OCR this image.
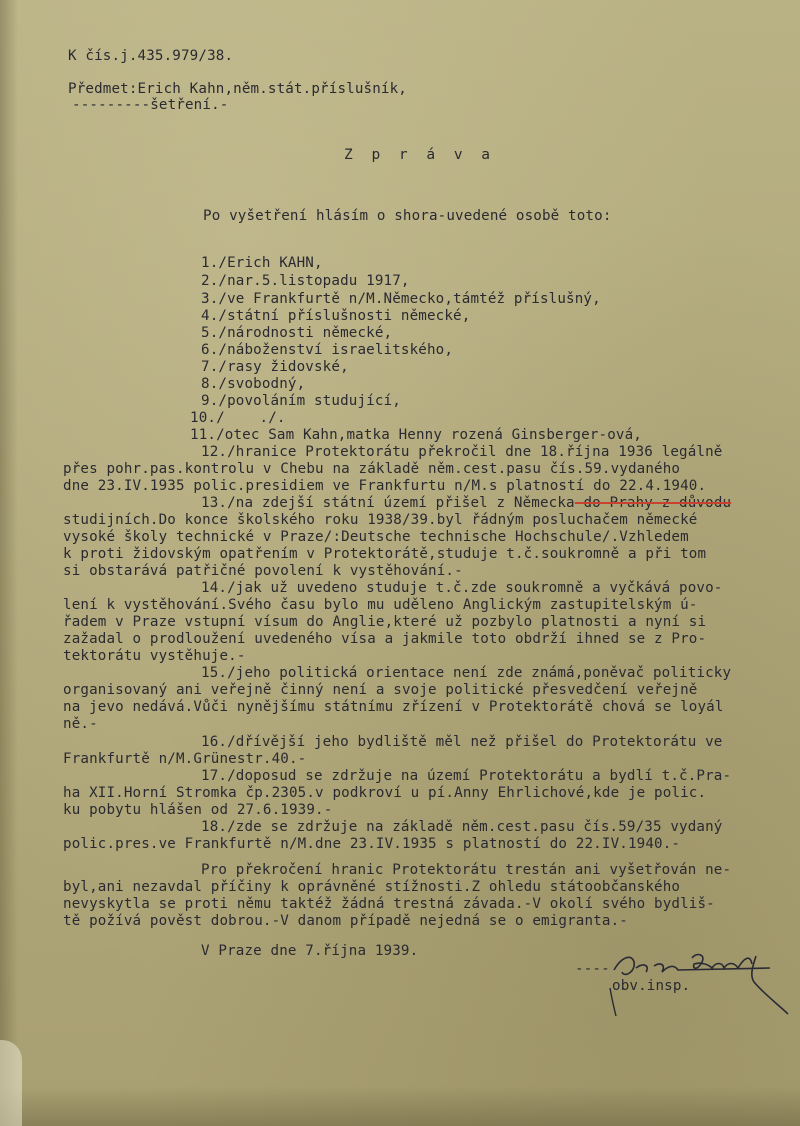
K čís.j.435.979/38.

Předmet:Erich Kahn,něm.stát.příslušník,

---------šetření.-

Z p r á v a

Po vyšetření hlásím o shora-uvedené osobě toto:

1./Erich KAHN,

2./nar.5.listopadu 1917,

3./ve Frankfurtě n/M.Německo,támtéž příslušný,

4./státní příslušnosti německé,

5./národnosti německé,

6./náboženství israelitského,

7./rasy židovské,

8./svobodný,

9./povoláním studující,

10./    ./.

11./otec Sam Kahn,matka Henny rozená Ginsberger-ová,

12./hranice Protektorátu překročil dne 18.října 1936 legálně

přes pohr.pas.kontrolu v Chebu na základě něm.cest.pasu čís.59.vydaného

dne 23.IV.1935 polic.presidiem ve Frankfurtu n/M.s platností do 22.4.1940.

13./na zdejší státní území přišel z Německa do Prahy z důvodu

studijních.Do konce školského roku 1938/39.byl řádným posluchačem německé

vysoké školy technické v Praze/:Deutsche technische Hochschule/.Vzhledem

k proti židovským opatřením v Protektorátě,studuje t.č.soukromně a při tom

si obstarává patřičné povolení k vystěhování.-

14./jak už uvedeno studuje t.č.zde soukromně a vyčkává povo-

lení k vystěhování.Svého času bylo mu uděleno Anglickým zastupitelským ú-

řadem v Praze vstupní vísum do Anglie,které už pozbylo platnosti a nyní si

zažadal o prodloužení uvedeného vísa a jakmile toto obdrží ihned se z Pro-

tektorátu vystěhuje.-

15./jeho politická orientace není zde známá,poněvač politicky

organisovaný ani veřejně činný není a svoje politické přesvedčení veřejně

na jevo nedává.Vůči nynějšímu státnímu zřízení v Protektorátě chová se loyál

ně.-

16./dřívější jeho bydliště měl než přišel do Protektorátu ve

Frankfurtě n/M.Grünestr.40.-

17./doposud se zdržuje na území Protektorátu a bydlí t.č.Pra-

ha XII.Horní Stromka čp.2305.v podkroví u pí.Anny Ehrlichové,kde je polic.

ku pobytu hlášen od 27.6.1939.-

18./zde se zdržuje na základě něm.cest.pasu čís.59/35 vydaný

polic.pres.ve Frankfurtě n/M.dne 23.IV.1935 s platností do 22.IV.1940.-

Pro překročení hranic Protektorátu trestán ani vyšetřován ne-

byl,ani nezavdal příčiny k oprávněné stížnosti.Z ohledu státoobčanského

nevyskytla se proti němu taktéž žádná trestná závada.-V okolí svého bydliš-

tě požívá pověst dobrou.-V danom případě nejedná se o emigranta.-

V Praze dne 7.října 1939.

----

obv.insp.
